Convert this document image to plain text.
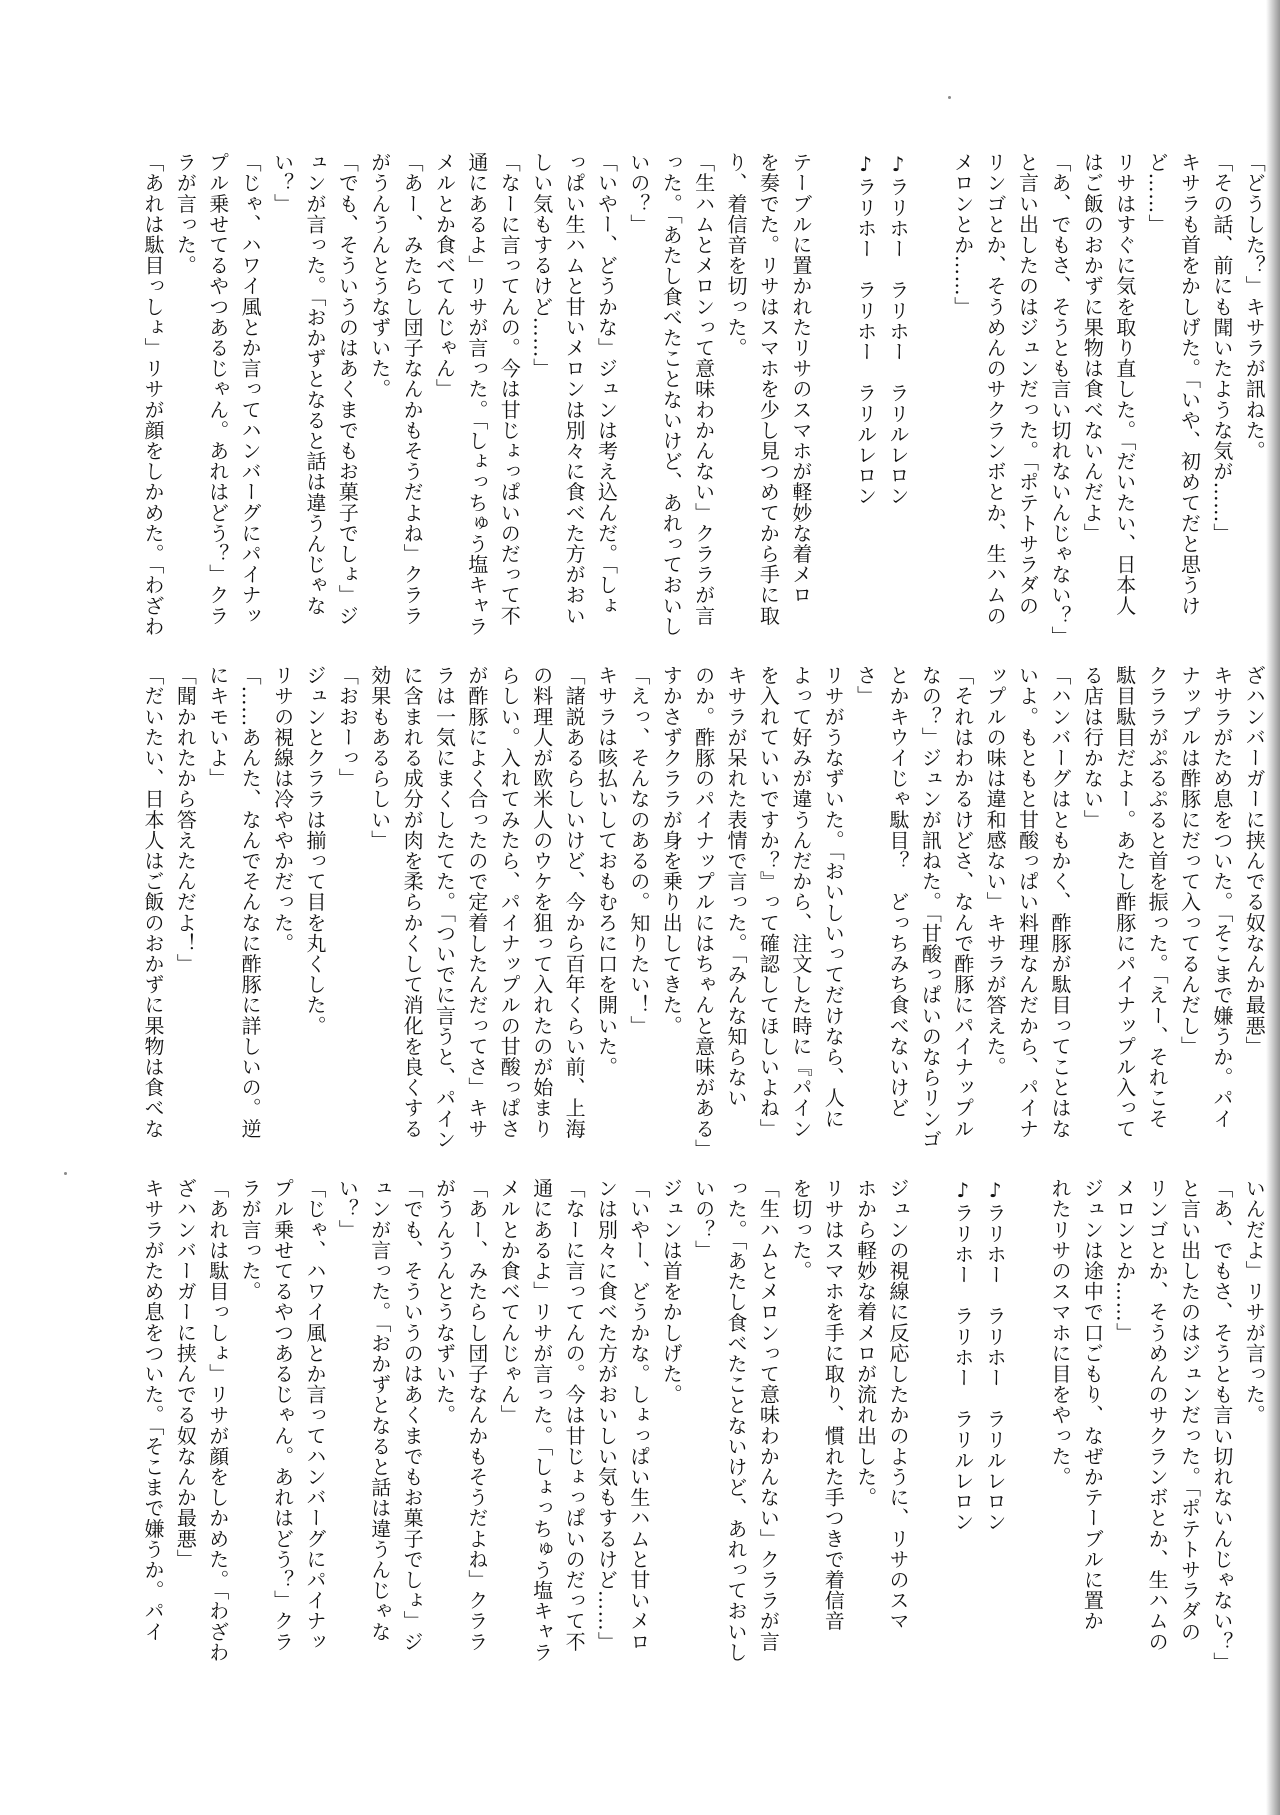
「どうした？」キサラが訊ねた。
「その話、前にも聞いたような気が……」
キサラも首をかしげた。「いや、初めてだと思うけ
ど……」
リサはすぐに気を取り直した。「だいたい、日本人
はご飯のおかずに果物は食べないんだよ」
「あ、でもさ、そうとも言い切れないんじゃない？」
と言い出したのはジュンだった。「ポテトサラダの
リンゴとか、そうめんのサクランボとか、生ハムの
メロンとか……」
♪ラリホー　ラリホー　ラリルレロン
♪ラリホー　ラリホー　ラリルレロン
テーブルに置かれたリサのスマホが軽妙な着メロ
を奏でた。リサはスマホを少し見つめてから手に取
り、着信音を切った。
「生ハムとメロンって意味わかんない」クララが言
った。「あたし食べたことないけど、あれっておいし
いの？」
「いやー、どうかな」ジュンは考え込んだ。「しょ
っぱい生ハムと甘いメロンは別々に食べた方がおい
しい気もするけど……」
「なーに言ってんの。今は甘じょっぱいのだって不
通にあるよ」リサが言った。「しょっちゅう塩キャラ
メルとか食べてんじゃん」
「あー、みたらし団子なんかもそうだよね」クララ
がうんうんとうなずいた。
「でも、そういうのはあくまでもお菓子でしょ」ジ
ュンが言った。「おかずとなると話は違うんじゃな
い？」
「じゃ、ハワイ風とか言ってハンバーグにパイナッ
プル乗せてるやつあるじゃん。あれはどう？」クラ
ラが言った。
「あれは駄目っしょ」リサが顔をしかめた。「わざわ
ざハンバーガーに挟んでる奴なんか最悪」
キサラがため息をついた。「そこまで嫌うか。パイ
ナップルは酢豚にだって入ってるんだし」
クララがぷるぷると首を振った。「えー、それこそ
駄目駄目だよー。あたし酢豚にパイナップル入って
る店は行かない」
「ハンバーグはともかく、酢豚が駄目ってことはな
いよ。もともと甘酸っぱい料理なんだから、パイナ
ップルの味は違和感ない」キサラが答えた。
「それはわかるけどさ、なんで酢豚にパイナップル
なの？」ジュンが訊ねた。「甘酸っぱいのならリンゴ
とかキウイじゃ駄目？　どっちみち食べないけど
さ」
リサがうなずいた。「おいしいってだけなら、人に
よって好みが違うんだから、注文した時に『パイン
を入れていいですか？』って確認してほしいよね」
キサラが呆れた表情で言った。「みんな知らない
のか。酢豚のパイナップルにはちゃんと意味がある」
すかさずクララが身を乗り出してきた。
「えっ、そんなのあるの。知りたい！」
キサラは咳払いしておもむろに口を開いた。
「諸説あるらしいけど、今から百年くらい前、上海
の料理人が欧米人のウケを狙って入れたのが始まり
らしい。入れてみたら、パイナップルの甘酸っぱさ
が酢豚によく合ったので定着したんだってさ」キサ
ラは一気にまくしたてた。「ついでに言うと、パイン
に含まれる成分が肉を柔らかくして消化を良くする
効果もあるらしい」
「おおーっ」
ジュンとクララは揃って目を丸くした。
リサの視線は冷ややかだった。
「……あんた、なんでそんなに酢豚に詳しいの。逆
にキモいよ」
「聞かれたから答えたんだよ！」
「だいたい、日本人はご飯のおかずに果物は食べな
いんだよ」リサが言った。
「あ、でもさ、そうとも言い切れないんじゃない？」
と言い出したのはジュンだった。「ポテトサラダの
リンゴとか、そうめんのサクランボとか、生ハムの
メロンとか……」
ジュンは途中で口ごもり、なぜかテーブルに置か
れたリサのスマホに目をやった。
♪ラリホー　ラリホー　ラリルレロン
♪ラリホー　ラリホー　ラリルレロン
ジュンの視線に反応したかのように、リサのスマ
ホから軽妙な着メロが流れ出した。
リサはスマホを手に取り、慣れた手つきで着信音
を切った。
「生ハムとメロンって意味わかんない」クララが言
った。「あたし食べたことないけど、あれっておいし
いの？」
ジュンは首をかしげた。
「いやー、どうかな。しょっぱい生ハムと甘いメロ
ンは別々に食べた方がおいしい気もするけど……」
「なーに言ってんの。今は甘じょっぱいのだって不
通にあるよ」リサが言った。「しょっちゅう塩キャラ
メルとか食べてんじゃん」
「あー、みたらし団子なんかもそうだよね」クララ
がうんうんとうなずいた。
「でも、そういうのはあくまでもお菓子でしょ」ジ
ュンが言った。「おかずとなると話は違うんじゃな
い？」
「じゃ、ハワイ風とか言ってハンバーグにパイナッ
プル乗せてるやつあるじゃん。あれはどう？」クラ
ラが言った。
「あれは駄目っしょ」リサが顔をしかめた。「わざわ
ざハンバーガーに挟んでる奴なんか最悪」
キサラがため息をついた。「そこまで嫌うか。パイ
